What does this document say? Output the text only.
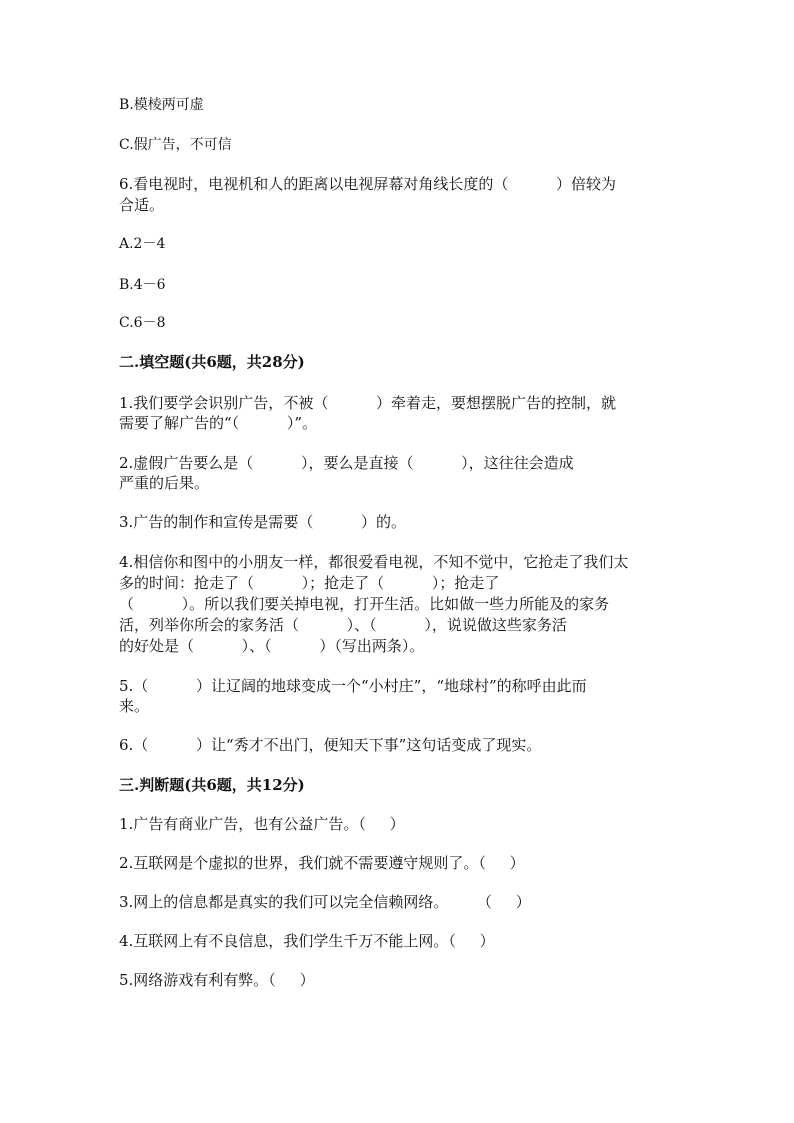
B.模棱两可虚
C.假广告，不可信
6.看电视时，电视机和人的距离以电视屏幕对角线长度的（          ）倍较为
合适。
A.2－4
B.4－6
C.6－8
二.填空题(共6题，共28分)
1.我们要学会识别广告，不被（          ）牵着走，要想摆脱广告的控制，就
需要了解广告的“（          ）”。
2.虚假广告要么是（          ），要么是直接（          ），这往往会造成
严重的后果。
3.广告的制作和宣传是需要（          ）的。
4.相信你和图中的小朋友一样，都很爱看电视，不知不觉中，它抢走了我们太
多的时间：抢走了（          ）；抢走了（          ）；抢走了
（          ）。所以我们要关掉电视，打开生活。比如做一些力所能及的家务
活，列举你所会的家务活（          ）、（          ），说说做这些家务活
的好处是（          ）、（          ）（写出两条）。
5.（          ）让辽阔的地球变成一个“小村庄”，“地球村”的称呼由此而
来。
6.（          ）让“秀才不出门，便知天下事”这句话变成了现实。
三.判断题(共6题，共12分)
1.广告有商业广告，也有公益广告。（     ）
2.互联网是个虚拟的世界，我们就不需要遵守规则了。（     ）
3.网上的信息都是真实的我们可以完全信赖网络。      （     ）
4.互联网上有不良信息，我们学生千万不能上网。（     ）
5.网络游戏有利有弊。（     ）
